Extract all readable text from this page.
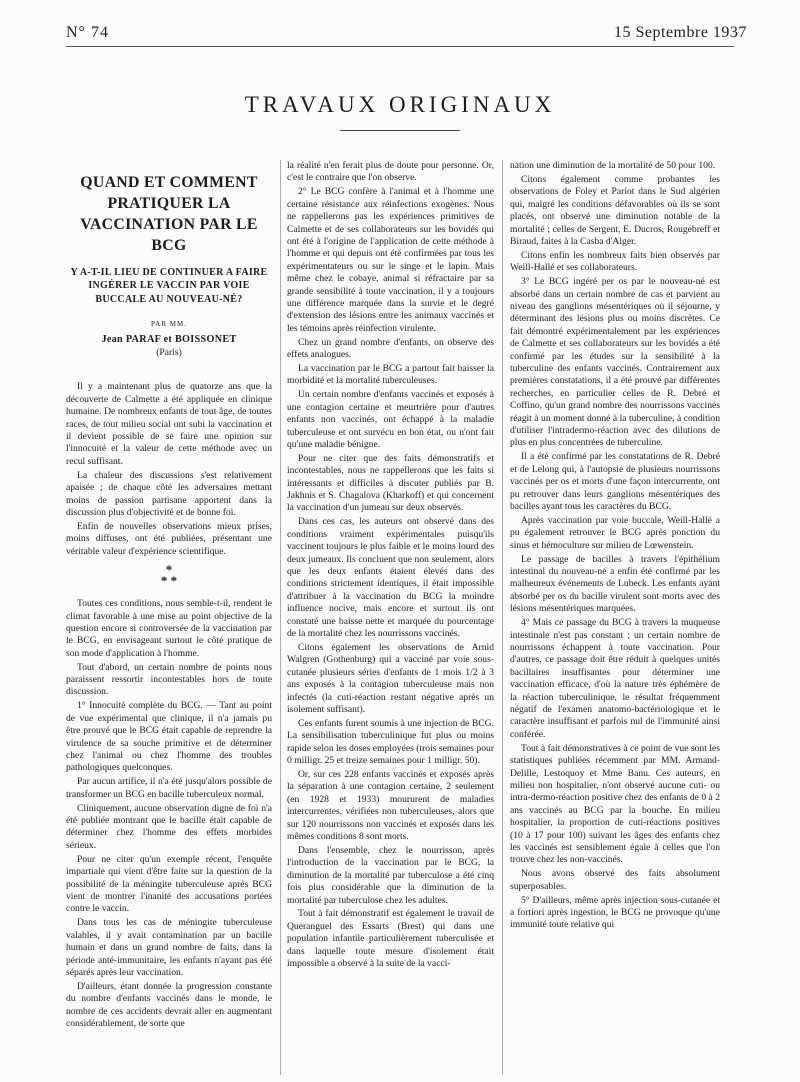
N° 74	15 Septembre 1937
TRAVAUX ORIGINAUX
QUAND ET COMMENT PRATIQUER LA VACCINATION PAR LE BCG
Y A-T-IL LIEU DE CONTINUER A FAIRE INGÉRER LE VACCIN PAR VOIE BUCCALE AU NOUVEAU-NÉ?
PAR MM.
Jean PARAF et BOISSONET
(Paris)

Il y a maintenant plus de quatorze ans que la découverte de Calmette a été appliquée en clinique humaine. De nombreux enfants de tout âge, de toutes races, de tout milieu social ont subi la vaccination et il devient possible de se faire une opinion sur l'innocuité et la valeur de cette méthode avec un recul suffisant.

La chaleur des discussions s'est relativement apaisée ; de chaque côté les adversaires mettant moins de passion partisane apportent dans la discussion plus d'objectivité et de bonne foi.

Enfin de nouvelles observations mieux prises, moins diffuses, ont été publiées, présentant une véritable valeur d'expérience scientifique.

*
* *

Toutes ces conditions, nous semble-t-il, rendent le climat favorable à une mise au point objective de la question encore si controversée de la vaccination par le BCG, en envisageant surtout le côté pratique de son mode d'application à l'homme.

Tout d'abord, un certain nombre de points nous paraissent ressortir incontestables hors de toute discussion.

1° Innocuité complète du BCG. — Tant au point de vue expérimental que clinique, il n'a jamais pu être prouvé que le BCG était capable de reprendre la virulence de sa souche primitive et de déterminer chez l'animal ou chez l'homme des troubles pathologiques quelconques.

Par aucun artifice, il n'a été jusqu'alors possible de transformer un BCG en bacille tuberculeux normal.

Cliniquement, aucune observation digne de foi n'a été publiée montrant que le bacille était capable de déterminer chez l'homme des effets morbides sérieux.

Pour ne citer qu'un exemple récent, l'enquête impartiale qui vient d'être faite sur la question de la possibilité de la méningite tuberculeuse après BCG vient de montrer l'inanité des accusations portées contre le vaccin.

Dans tous les cas de méningite tuberculeuse valables, il y avait contamination par un bacille humain et dans un grand nombre de faits, dans la période anté-immunitaire, les enfants n'ayant pas été séparés après leur vaccination.

D'ailleurs, étant donnée la progression constante du nombre d'enfants vaccinés dans le monde, le nombre de ces accidents devrait aller en augmentant considérablement, de sorte que

la réalité n'en ferait plus de doute pour personne. Or, c'est le contraire que l'on observe.

2° Le BCG confère à l'animal et à l'homme une certaine résistance aux réinfections exogènes. Nous ne rappellerons pas les expériences primitives de Calmette et de ses collaborateurs sur les bovidés qui ont été à l'origine de l'application de cette méthode à l'homme et qui depuis ont été confirmées par tous les expérimentateurs ou sur le singe et le lapin. Mais même chez le cobaye, animal si réfractaire par sa grande sensibilité à toute vaccination, il y a toujours une différence marquée dans la survie et le degré d'extension des lésions entre les animaux vaccinés et les témoins après réinfection virulente.

Chez un grand nombre d'enfants, on observe des effets analogues.

La vaccination par le BCG a partout fait baisser la morbidité et la mortalité tuberculeuses.

Un certain nombre d'enfants vaccinés et exposés à une contagion certaine et meurtrière pour d'autres enfants non vaccinés, ont échappé à la maladie tuberculeuse et ont survécu en bon état, ou n'ont fait qu'une maladie bénigne.

Pour ne citer que des faits démonstratifs et incontestables, nous ne rappellerons que les faits si intéressants et difficiles à discuter publiés par B. Jakhnis et S. Chagalova (Kharkoff) et qui concernent la vaccination d'un jumeau sur deux observés.

Dans ces cas, les auteurs ont observé dans des conditions vraiment expérimentales puisqu'ils vaccinent toujours le plus faible et le moins lourd des deux jumeaux. Ils concluent que non seulement, alors que les deux enfants étaient élevés dans des conditions strictement identiques, il était impossible d'attribuer à la vaccination du BCG la moindre influence nocive, mais encore et surtout ils ont constaté une baisse nette et marquée du pourcentage de la mortalité chez les nourrissons vaccinés.

Citons également les observations de Arnid Walgren (Gothenburg) qui a vacciné par voie sous-cutanée plusieurs séries d'enfants de 1 mois 1/2 à 3 ans exposés à la contagion tuberculeuse mais non infectés (la cuti-réaction restant négative après un isolement suffisant).

Ces enfants furent soumis à une injection de BCG. La sensibilisation tuberculinique fut plus ou moins rapide selon les doses employées (trois semaines pour 0 milligr. 25 et treize semaines pour 1 milligr. 50).

Or, sur ces 228 enfants vaccinés et exposés après la séparation à une contagion certaine, 2 seulement (en 1928 et 1933) moururent de maladies intercurrentes, vérifiées non tuberculeuses, alors que sur 120 nourrissons non vaccinés et exposés dans les mêmes conditions 8 sont morts.

Dans l'ensemble, chez le nourrisson, après l'introduction de la vaccination par le BCG, la diminution de la mortalité par tuberculose a été cinq fois plus considérable que la diminution de la mortalité par tuberculose chez les adultes.

Tout à fait démonstratif est également le travail de Queranguel des Essarts (Brest) qui dans une population infantile particulièrement tuberculisée et dans laquelle toute mesure d'isolement était impossible a observé à la suite de la vacci-

nation une diminution de la mortalité de 50 pour 100.

Citons également comme probantes les observations de Foley et Pariot dans le Sud algérien qui, malgré les conditions défavorables où ils se sont placés, ont observé une diminution notable de la mortalité ; celles de Sergent, E. Ducros, Rougebreff et Biraud, faites à la Casba d'Alger.

Citons enfin les nombreux faits bien observés par Weill-Hallé et ses collaborateurs.

3° Le BCG ingéré per os par le nouveau-né est absorbé dans un certain nombre de cas et parvient au niveau des ganglions mésentériques où il séjourne, y déterminant des lésions plus ou moins discrètes. Ce fait démontré expérimentalement par les expériences de Calmette et ses collaborateurs sur les bovidés a été confirmé par les études sur la sensibilité à la tuberculine des enfants vaccinés. Contrairement aux premières constatations, il a été prouvé par différentes recherches, en particulier celles de R. Debré et Coffino, qu'un grand nombre des nourrissons vaccinés réagit à un moment donné à la tuberculine, à condition d'utiliser l'intradermo-réaction avec des dilutions de plus en plus concentrées de tuberculine.

Il a été confirmé par les constatations de R. Debré et de Lelong qui, à l'autopsie de plusieurs nourrissons vaccinés per os et morts d'une façon intercurrente, ont pu retrouver dans leurs ganglions mésentériques des bacilles ayant tous les caractères du BCG.

Après vaccination par voie buccale, Weill-Hallé a pu également retrouver le BCG après ponction du sinus et hémoculture sur milieu de Lœwenstein.

Le passage de bacilles à travers l'épithélium intestinal du nouveau-né a enfin été confirmé par les malheureux événements de Lubeck. Les enfants ayant absorbé per os du bacille virulent sont morts avec des lésions mésentériques marquées.

4° Mais ce passage du BCG à travers la muqueuse intestinale n'est pas constant ; un certain nombre de nourrissons échappent à toute vaccination. Pour d'autres, ce passage doit être réduit à quelques unités bacillaires insuffisantes pour déterminer une vaccination efficace, d'où la nature très éphémère de la réaction tuberculinique, le résultat fréquemment négatif de l'examen anatomo-bactériologique et le caractère insuffisant et parfois nul de l'immunité ainsi conférée.

Tout à fait démonstratives à ce point de vue sont les statistiques publiées récemment par MM. Armand-Delille, Lestoquoy et Mme Banu. Ces auteurs, en milieu non hospitalier, n'ont observé aucune cuti- ou intra-dermo-réaction positive chez des enfants de 0 à 2 ans vaccinés au BCG par la bouche. En milieu hospitalier, la proportion de cuti-réactions positives (10 à 17 pour 100) suivant les âges des enfants chez les vaccinés est sensiblement égale à celles que l'on trouve chez les non-vaccinés.

Nous avons observé des faits absolument superposables.

5° D'ailleurs, même après injection sous-cutanée et a fortiori après ingestion, le BCG ne provoque qu'une immunité toute relative qui
